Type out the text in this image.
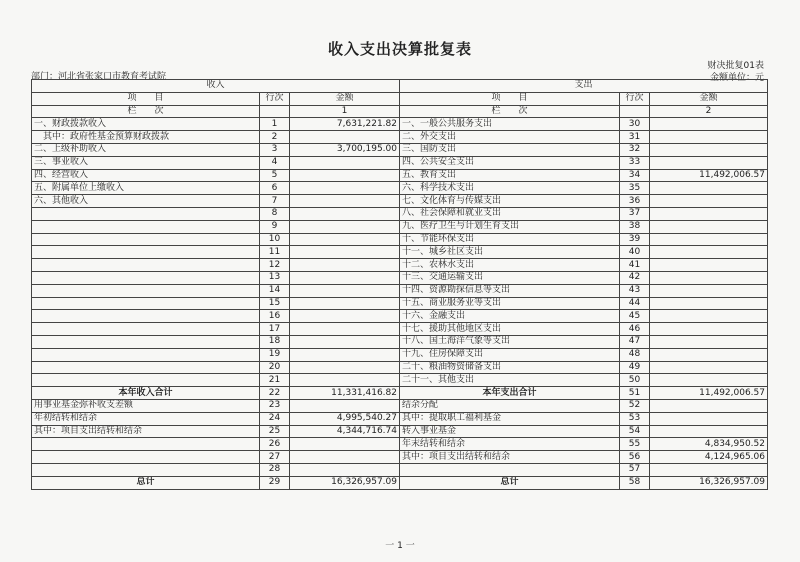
收入支出决算批复表
财决批复01表
金额单位：元
部门：河北省张家口市教育考试院
收入			支出		
项　　目	行次	金额	项　　目	行次	金额
栏　　次		1	栏　　次		2
一、财政拨款收入	1	7,631,221.82	一、一般公共服务支出	30	
　其中：政府性基金预算财政拨款	2		二、外交支出	31	
二、上级补助收入	3	3,700,195.00	三、国防支出	32	
三、事业收入	4		四、公共安全支出	33	
四、经营收入	5		五、教育支出	34	11,492,006.57
五、附属单位上缴收入	6		六、科学技术支出	35	
六、其他收入	7		七、文化体育与传媒支出	36	
	8		八、社会保障和就业支出	37	
	9		九、医疗卫生与计划生育支出	38	
	10		十、节能环保支出	39	
	11		十一、城乡社区支出	40	
	12		十二、农林水支出	41	
	13		十三、交通运输支出	42	
	14		十四、资源勘探信息等支出	43	
	15		十五、商业服务业等支出	44	
	16		十六、金融支出	45	
	17		十七、援助其他地区支出	46	
	18		十八、国土海洋气象等支出	47	
	19		十九、住房保障支出	48	
	20		二十、粮油物资储备支出	49	
	21		二十一、其他支出	50	
本年收入合计	22	11,331,416.82	本年支出合计	51	11,492,006.57
用事业基金弥补收支差额	23		结余分配	52	
年初结转和结余	24	4,995,540.27	其中：提取职工福利基金	53	
其中：项目支出结转和结余	25	4,344,716.74	转入事业基金	54	
	26		年末结转和结余	55	4,834,950.52
	27		其中：项目支出结转和结余	56	4,124,965.06
	28			57	
总计	29	16,326,957.09	总计	58	16,326,957.09
一 1 一
